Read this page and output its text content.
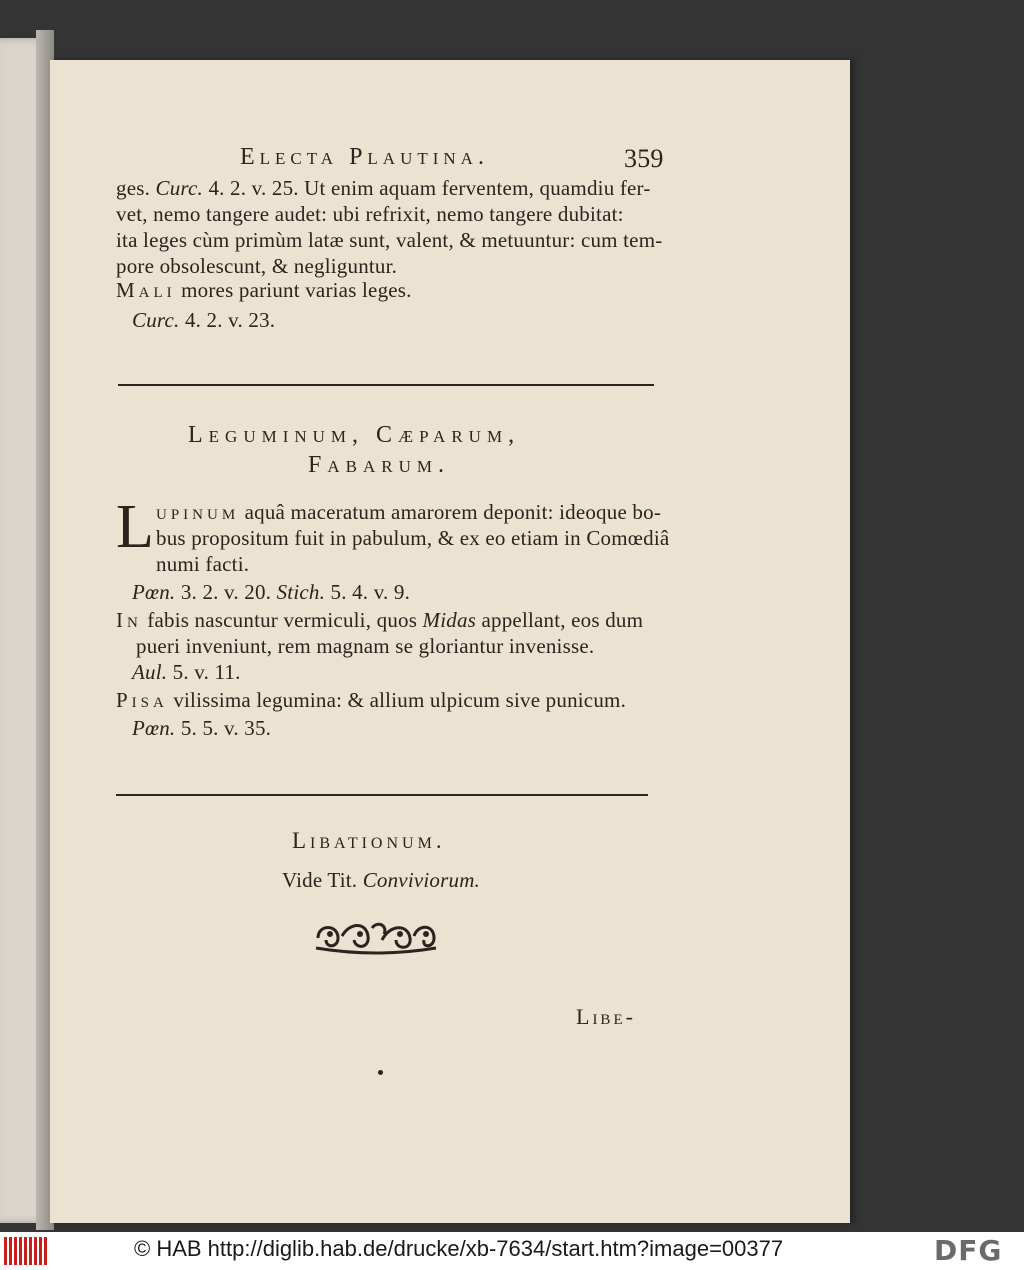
Electa Plautina.	359
ges. Curc. 4. 2. v. 25. Ut enim aquam ferventem, quamdiu fer-
vet, nemo tangere audet: ubi refrixit, nemo tangere dubitat:
ita leges cùm primùm latæ sunt, valent, & metuuntur: cum tem-
pore obsolescunt, & negliguntur.
Mali mores pariunt varias leges.
Curc. 4. 2. v. 23.
Leguminum, Cæparum,
Fabarum.
L upinum aquâ maceratum amarorem deponit: ideoque bo-
bus propositum fuit in pabulum, & ex eo etiam in Comœdiâ
numi facti.
Pœn. 3. 2. v. 20. Stich. 5. 4. v. 9.
In fabis nascuntur vermiculi, quos Midas appellant, eos dum
pueri inveniunt, rem magnam se gloriantur invenisse.
Aul. 5. v. 11.
Pisa vilissima legumina: & allium ulpicum sive punicum.
Pœn. 5. 5. v. 35.
Libationum.
Vide Tit. Conviviorum.
Libe-
© HAB http://diglib.hab.de/drucke/xb-7634/start.htm?image=00377	DFG
